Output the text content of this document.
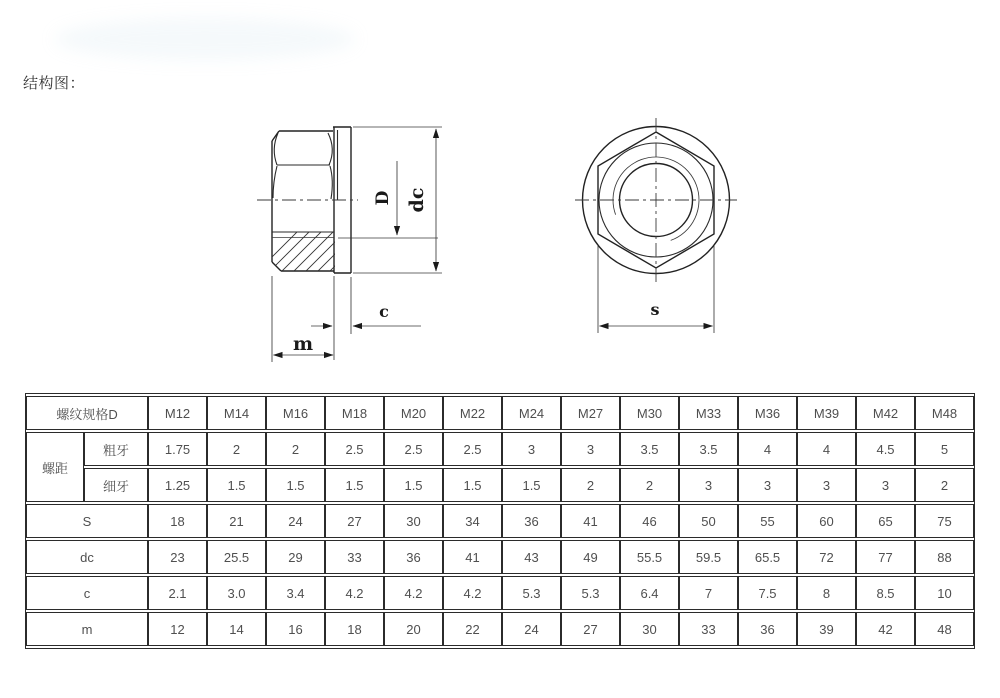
结构图：
D dc
c
m
s
螺纹规格D		M12	M14	M16	M18	M20	M22	M24	M27	M30	M33	M36	M39	M42	M48
螺距	粗牙	1.75	2	2	2.5	2.5	2.5	3	3	3.5	3.5	4	4	4.5	5
	细牙	1.25	1.5	1.5	1.5	1.5	1.5	1.5	2	2	3	3	3	3	2
S		18	21	24	27	30	34	36	41	46	50	55	60	65	75
dc		23	25.5	29	33	36	41	43	49	55.5	59.5	65.5	72	77	88
c		2.1	3.0	3.4	4.2	4.2	4.2	5.3	5.3	6.4	7	7.5	8	8.5	10
m		12	14	16	18	20	22	24	27	30	33	36	39	42	48
